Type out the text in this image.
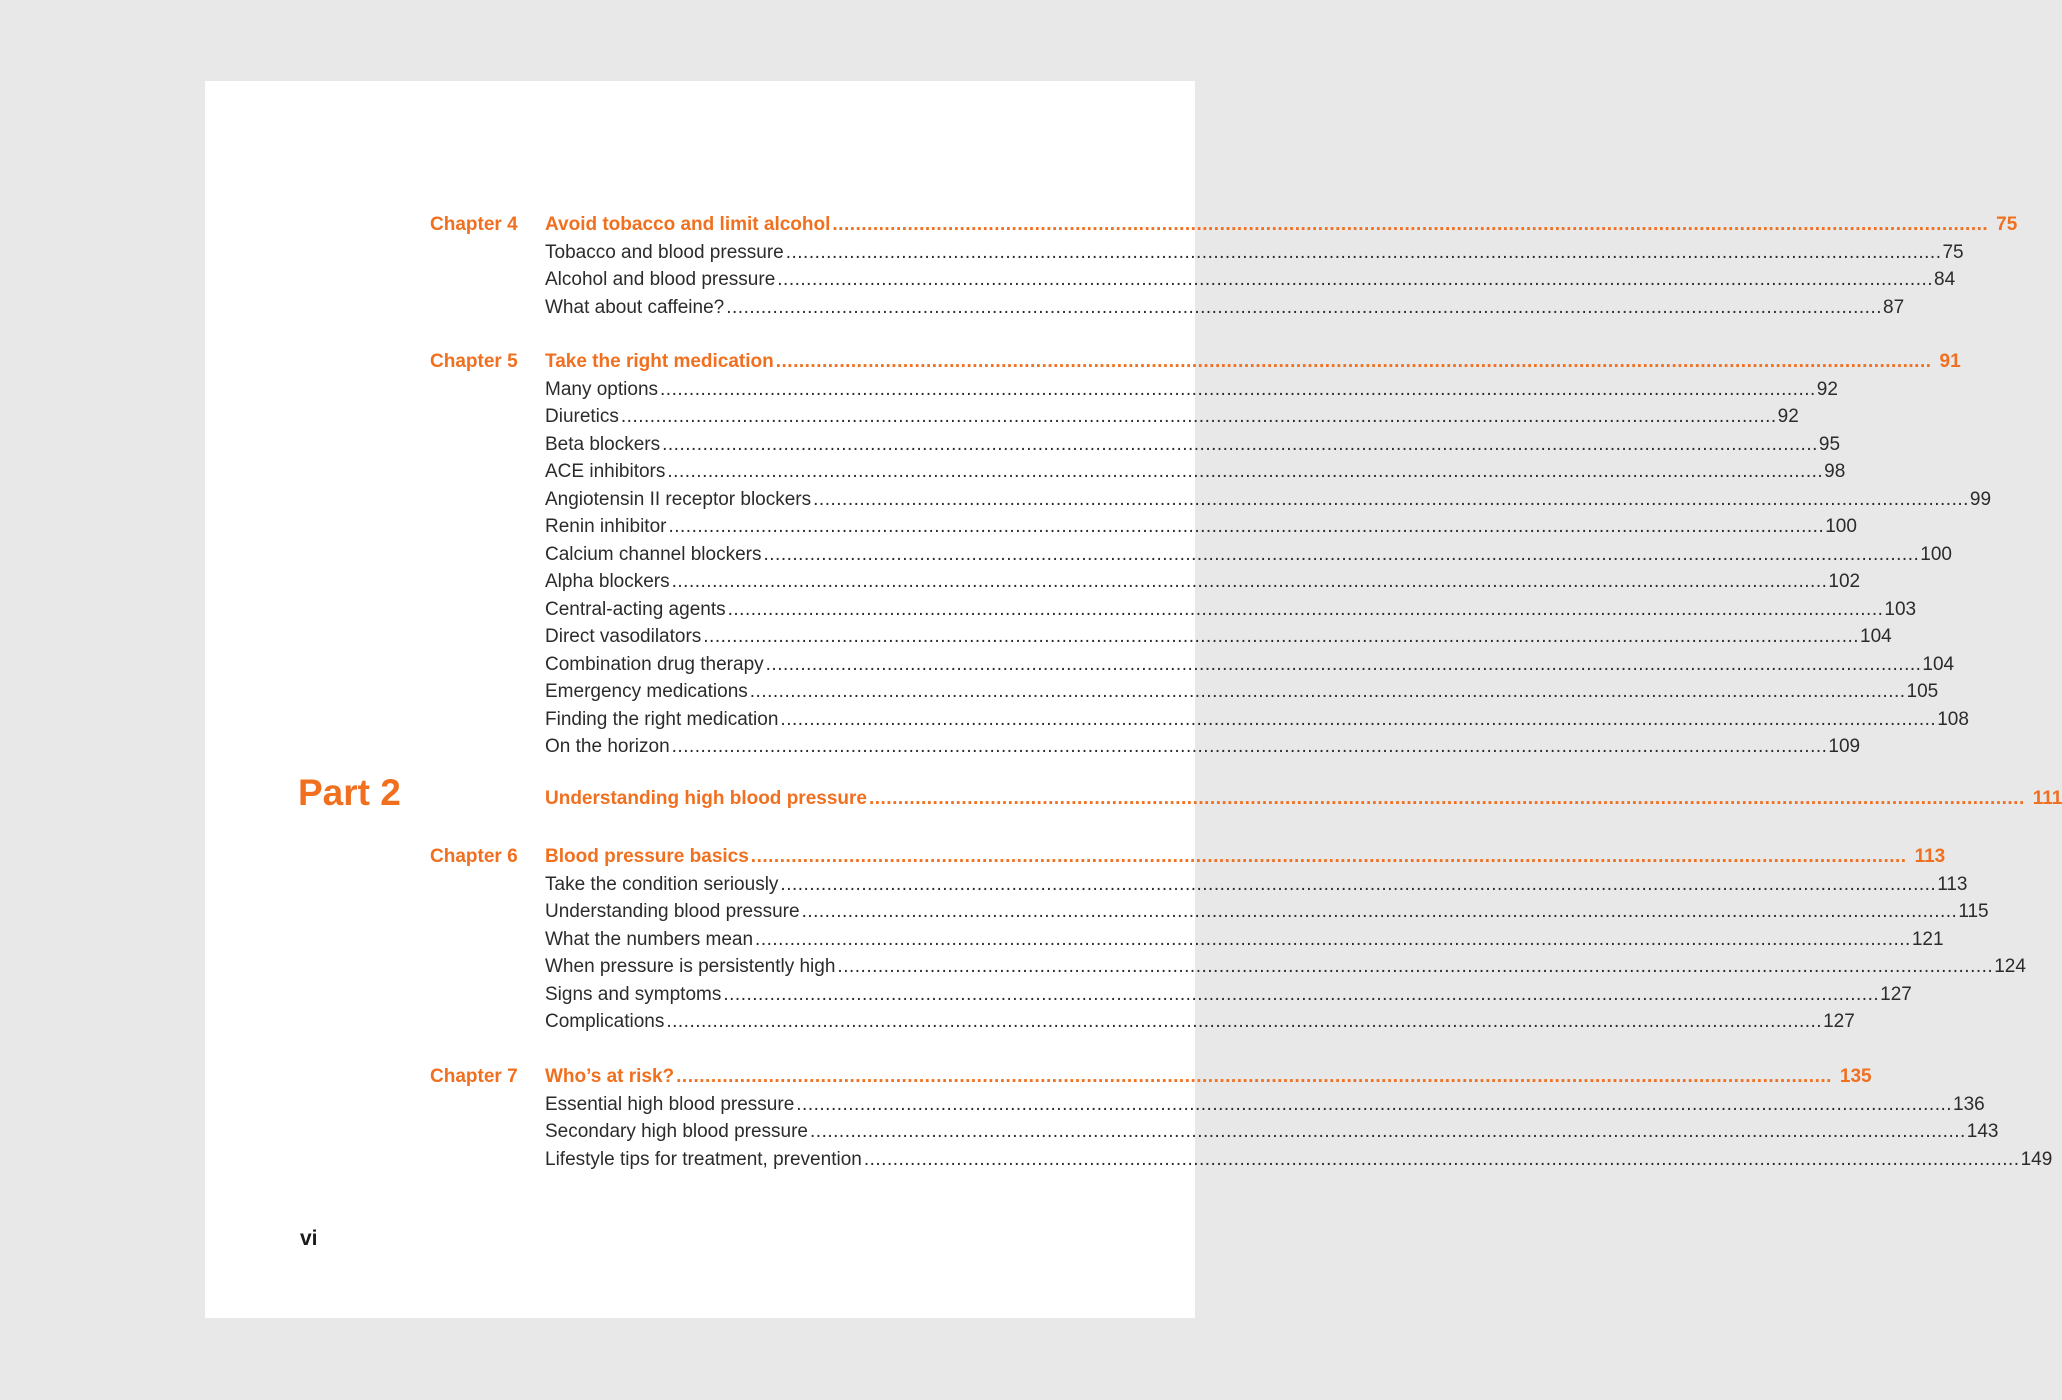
Chapter 4	Avoid tobacco and limit alcohol ........................................................................................................................................................................................................ 75
Tobacco and blood pressure ........................................................................................................................................................................................................ 75
Alcohol and blood pressure ........................................................................................................................................................................................................ 84
What about caffeine? ........................................................................................................................................................................................................ 87
Chapter 5	Take the right medication ........................................................................................................................................................................................................ 91
Many options ........................................................................................................................................................................................................ 92
Diuretics ........................................................................................................................................................................................................ 92
Beta blockers ........................................................................................................................................................................................................ 95
ACE inhibitors ........................................................................................................................................................................................................ 98
Angiotensin II receptor blockers ........................................................................................................................................................................................................ 99
Renin inhibitor ........................................................................................................................................................................................................ 100
Calcium channel blockers ........................................................................................................................................................................................................ 100
Alpha blockers ........................................................................................................................................................................................................ 102
Central-acting agents ........................................................................................................................................................................................................ 103
Direct vasodilators ........................................................................................................................................................................................................ 104
Combination drug therapy ........................................................................................................................................................................................................ 104
Emergency medications ........................................................................................................................................................................................................ 105
Finding the right medication ........................................................................................................................................................................................................ 108
On the horizon ........................................................................................................................................................................................................ 109
Part 2	Understanding high blood pressure ........................................................................................................................................................................................................ 111
Chapter 6	Blood pressure basics ........................................................................................................................................................................................................ 113
Take the condition seriously ........................................................................................................................................................................................................ 113
Understanding blood pressure ........................................................................................................................................................................................................ 115
What the numbers mean ........................................................................................................................................................................................................ 121
When pressure is persistently high ........................................................................................................................................................................................................ 124
Signs and symptoms ........................................................................................................................................................................................................ 127
Complications ........................................................................................................................................................................................................ 127
Chapter 7	Who’s at risk? ........................................................................................................................................................................................................ 135
Essential high blood pressure ........................................................................................................................................................................................................ 136
Secondary high blood pressure ........................................................................................................................................................................................................ 143
Lifestyle tips for treatment, prevention ........................................................................................................................................................................................................ 149
vi
